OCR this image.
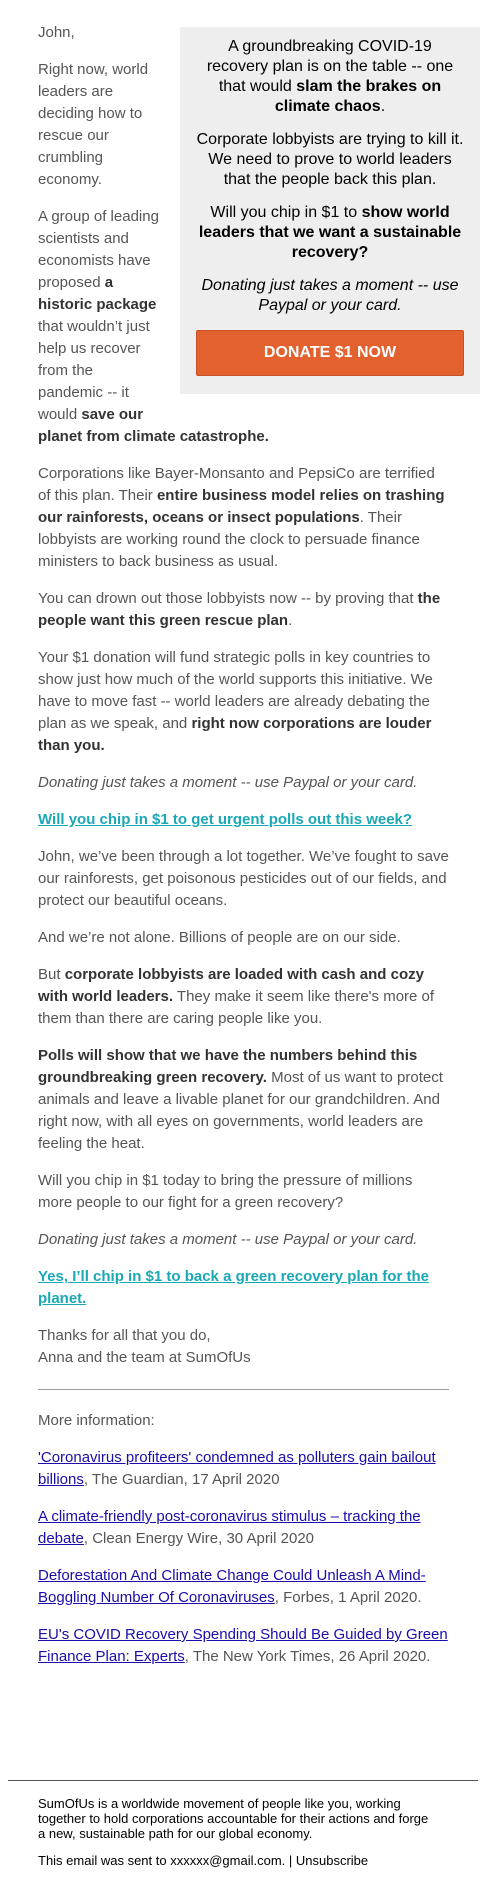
A groundbreaking COVID-19 recovery plan is on the table -- one that would slam the brakes on climate chaos.

Corporate lobbyists are trying to kill it. We need to prove to world leaders that the people back this plan.

Will you chip in $1 to show world leaders that we want a sustainable recovery?

Donating just takes a moment -- use Paypal or your card.

DONATE $1 NOW

John,

Right now, world leaders are deciding how to rescue our crumbling economy.

A group of leading scientists and economists have proposed a historic package that wouldn’t just help us recover from the pandemic -- it would save our planet from climate catastrophe.

Corporations like Bayer-Monsanto and PepsiCo are terrified of this plan. Their entire business model relies on trashing our rainforests, oceans or insect populations. Their lobbyists are working round the clock to persuade finance ministers to back business as usual.

You can drown out those lobbyists now -- by proving that the people want this green rescue plan.

Your $1 donation will fund strategic polls in key countries to show just how much of the world supports this initiative. We have to move fast -- world leaders are already debating the plan as we speak, and right now corporations are louder than you.

Donating just takes a moment -- use Paypal or your card.

Will you chip in $1 to get urgent polls out this week?

John, we’ve been through a lot together. We’ve fought to save our rainforests, get poisonous pesticides out of our fields, and protect our beautiful oceans.

And we’re not alone. Billions of people are on our side.

But corporate lobbyists are loaded with cash and cozy with world leaders. They make it seem like there's more of them than there are caring people like you.

Polls will show that we have the numbers behind this groundbreaking green recovery. Most of us want to protect animals and leave a livable planet for our grandchildren. And right now, with all eyes on governments, world leaders are feeling the heat.

Will you chip in $1 today to bring the pressure of millions more people to our fight for a green recovery?

Donating just takes a moment -- use Paypal or your card.

Yes, I’ll chip in $1 to back a green recovery plan for the planet.

Thanks for all that you do,

Anna and the team at SumOfUs

More information:

'Coronavirus profiteers' condemned as polluters gain bailout billions, The Guardian, 17 April 2020

A climate-friendly post-coronavirus stimulus – tracking the debate, Clean Energy Wire, 30 April 2020

Deforestation And Climate Change Could Unleash A Mind-Boggling Number Of Coronaviruses, Forbes, 1 April 2020.

EU's COVID Recovery Spending Should Be Guided by Green Finance Plan: Experts, The New York Times, 26 April 2020.

SumOfUs is a worldwide movement of people like you, working together to hold corporations accountable for their actions and forge a new, sustainable path for our global economy.

This email was sent to xxxxxx@gmail.com. | Unsubscribe
